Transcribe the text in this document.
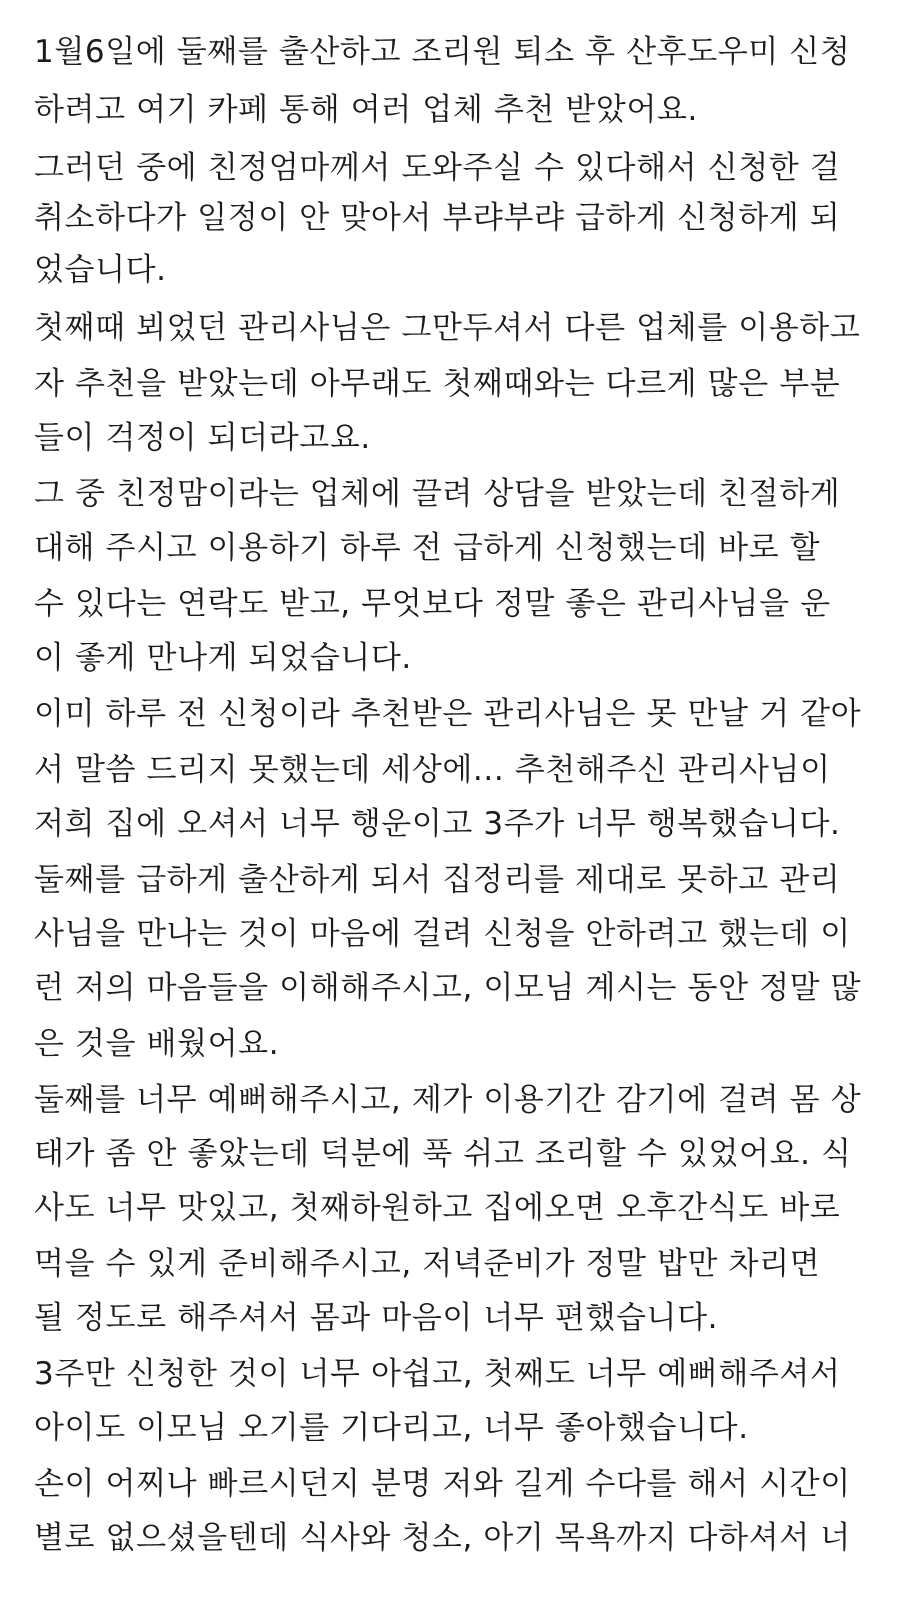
1월6일에 둘째를 출산하고 조리원 퇴소 후 산후도우미 신청
하려고 여기 카페 통해 여러 업체 추천 받았어요.
그러던 중에 친정엄마께서 도와주실 수 있다해서 신청한 걸
취소하다가 일정이 안 맞아서 부랴부랴 급하게 신청하게 되
었습니다.
첫째때 뵈었던 관리사님은 그만두셔서 다른 업체를 이용하고
자 추천을 받았는데 아무래도 첫째때와는 다르게 많은 부분
들이 걱정이 되더라고요.
그 중 친정맘이라는 업체에 끌려 상담을 받았는데 친절하게
대해 주시고 이용하기 하루 전 급하게 신청했는데 바로 할
수 있다는 연락도 받고, 무엇보다 정말 좋은 관리사님을 운
이 좋게 만나게 되었습니다.
이미 하루 전 신청이라 추천받은 관리사님은 못 만날 거 같아
서 말씀 드리지 못했는데 세상에... 추천해주신 관리사님이
저희 집에 오셔서 너무 행운이고 3주가 너무 행복했습니다.
둘째를 급하게 출산하게 되서 집정리를 제대로 못하고 관리
사님을 만나는 것이 마음에 걸려 신청을 안하려고 했는데 이
런 저의 마음들을 이해해주시고, 이모님 계시는 동안 정말 많
은 것을 배웠어요.
둘째를 너무 예뻐해주시고, 제가 이용기간 감기에 걸려 몸 상
태가 좀 안 좋았는데 덕분에 푹 쉬고 조리할 수 있었어요. 식
사도 너무 맛있고, 첫째하원하고 집에오면 오후간식도 바로
먹을 수 있게 준비해주시고, 저녁준비가 정말 밥만 차리면
될 정도로 해주셔서 몸과 마음이 너무 편했습니다.
3주만 신청한 것이 너무 아쉽고, 첫째도 너무 예뻐해주셔서
아이도 이모님 오기를 기다리고, 너무 좋아했습니다.
손이 어찌나 빠르시던지 분명 저와 길게 수다를 해서 시간이
별로 없으셨을텐데 식사와 청소, 아기 목욕까지 다하셔서 너
